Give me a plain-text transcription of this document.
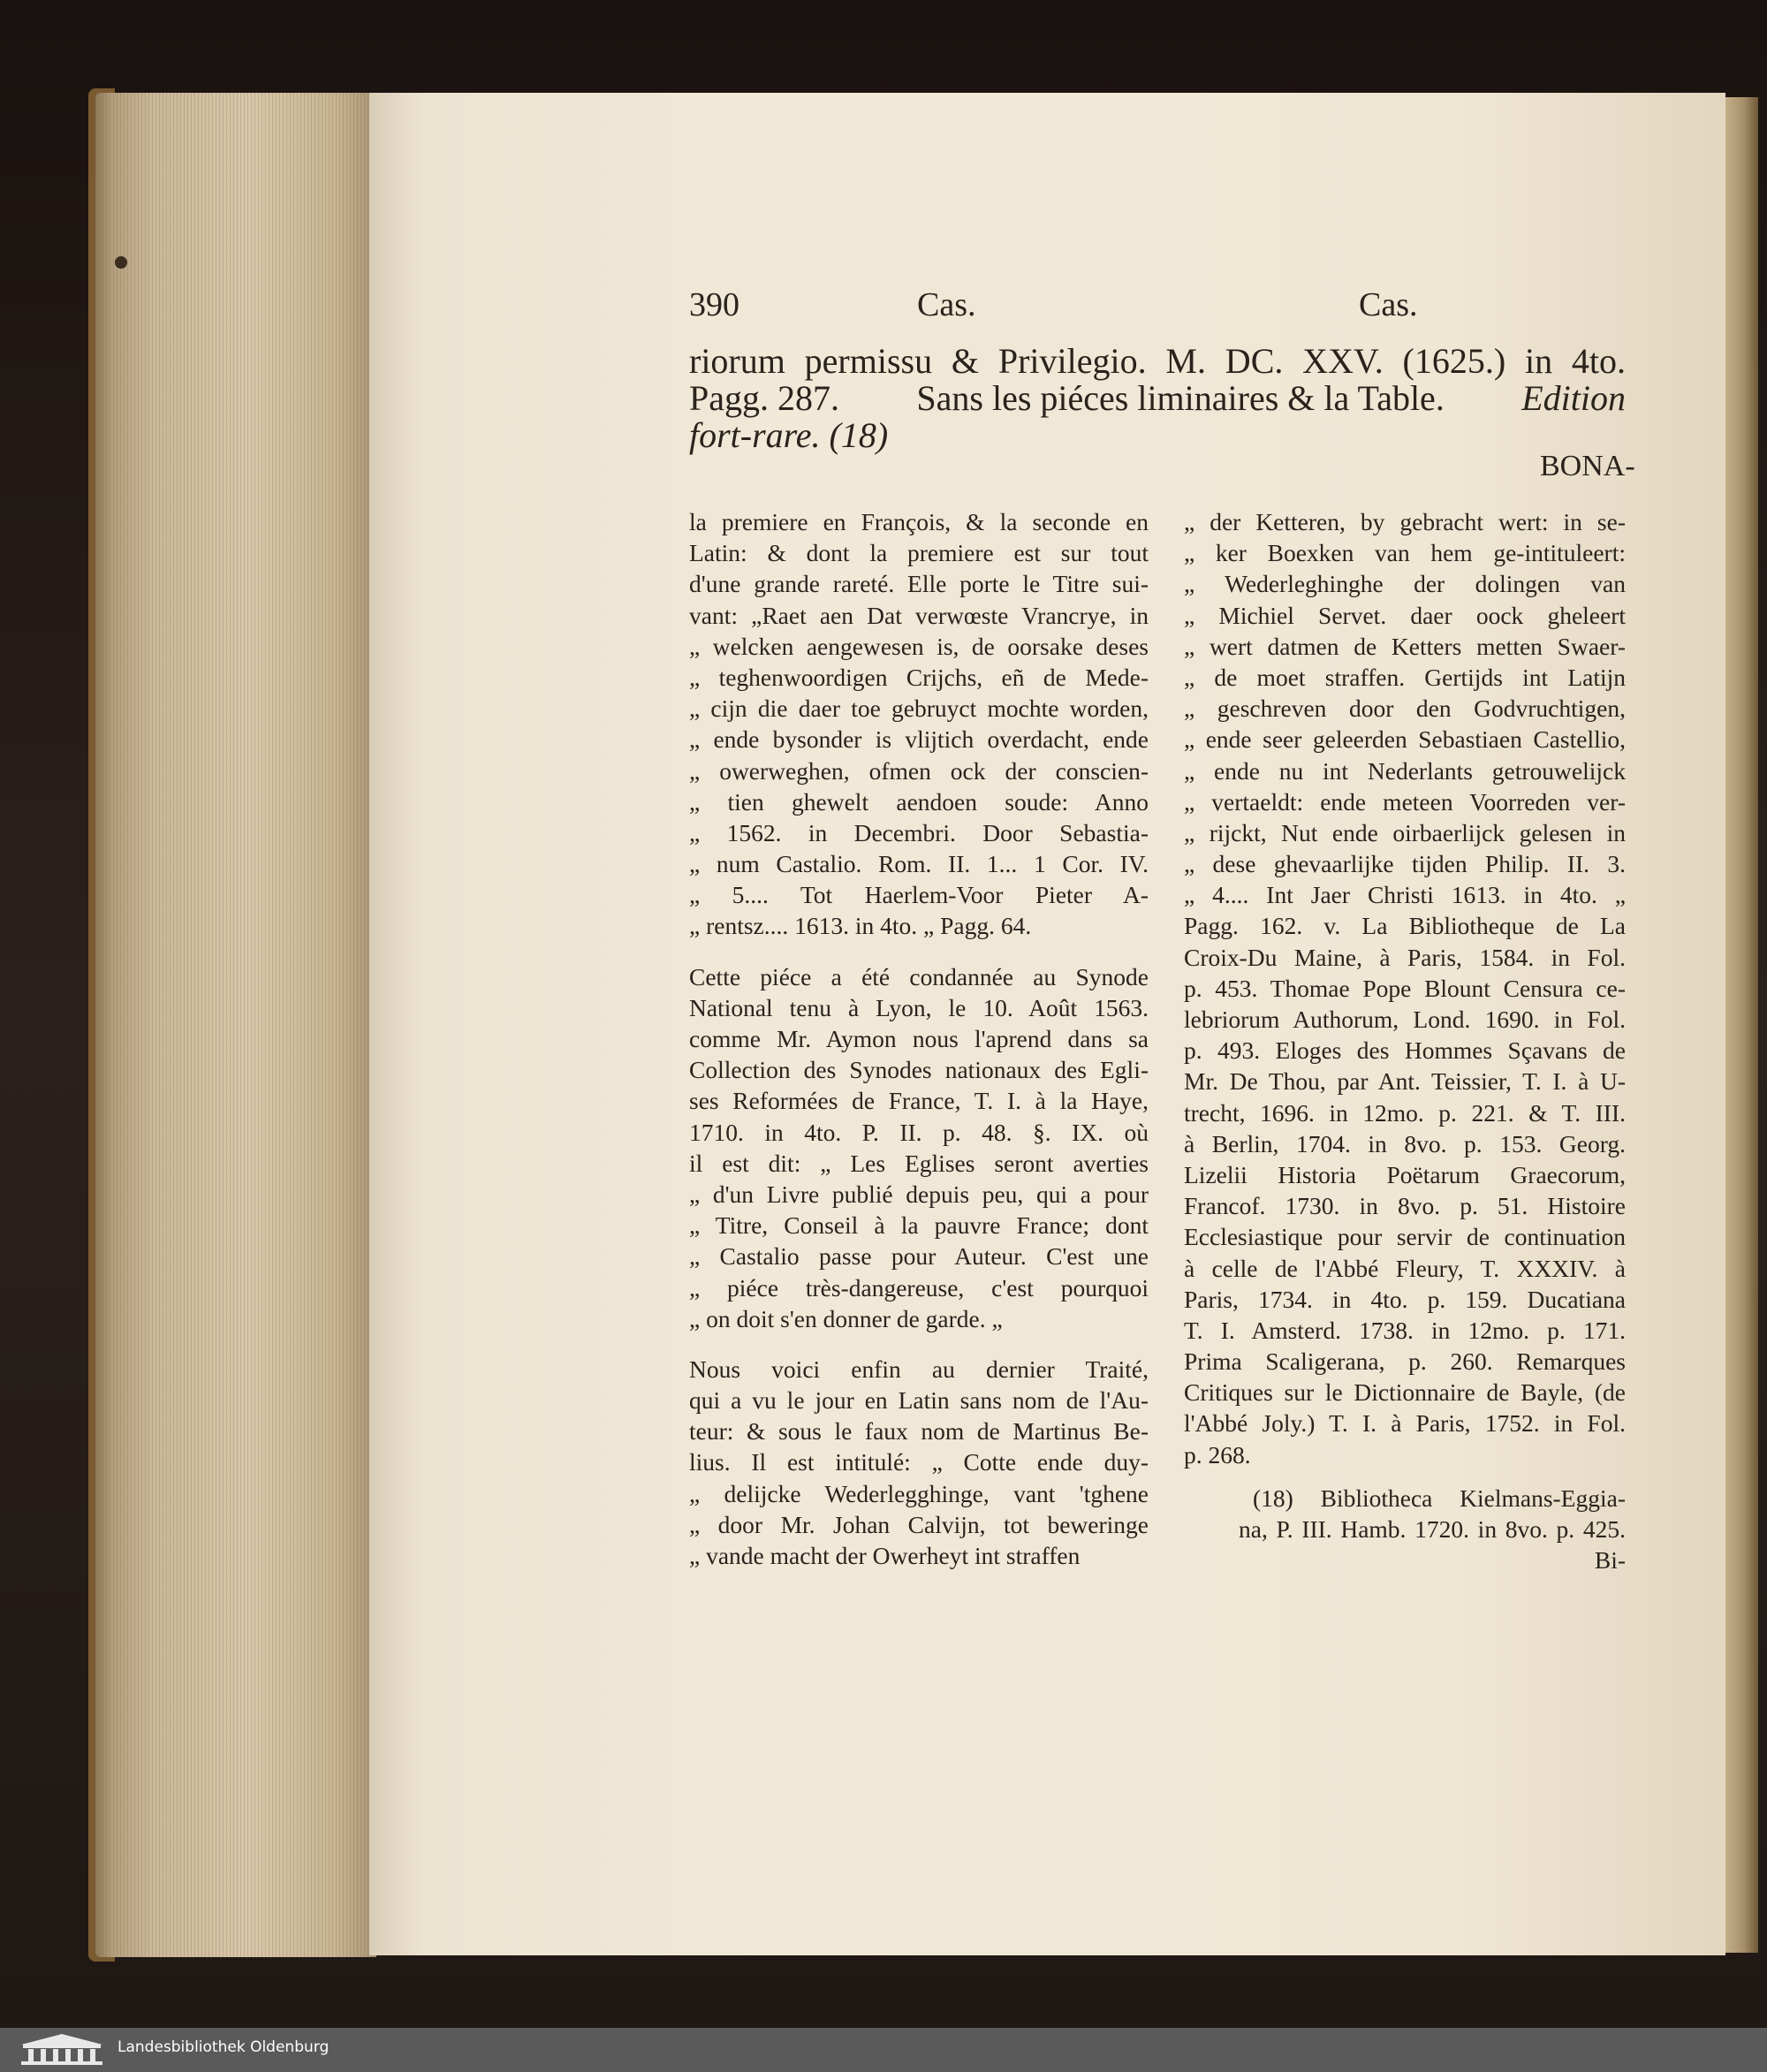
390	Cas.	Cas.
riorum permissu & Privilegio. M. DC. XXV. (1625.) in 4to.
Pagg. 287. Sans les piéces liminaires & la Table. Edition
fort-rare. (18)
BONA-
la premiere en François, & la seconde en
Latin: & dont la premiere est sur tout
d'une grande rareté. Elle porte le Titre sui-
vant: „Raet aen Dat verwœste Vrancrye, in
„ welcken aengewesen is, de oorsake deses
„ teghenwoordigen Crijchs, eñ de Mede-
„ cijn die daer toe gebruyct mochte worden,
„ ende bysonder is vlijtich overdacht, ende
„ owerweghen, ofmen ock der conscien-
„ tien ghewelt aendoen soude: Anno
„ 1562. in Decembri. Door Sebastia-
„ num Castalio. Rom. II. 1... 1 Cor. IV.
„ 5.... Tot Haerlem-Voor Pieter A-
„ rentsz.... 1613. in 4to. „ Pagg. 64.
Cette piéce a été condannée au Synode
National tenu à Lyon, le 10. Août 1563.
comme Mr. Aymon nous l'aprend dans sa
Collection des Synodes nationaux des Egli-
ses Reformées de France, T. I. à la Haye,
1710. in 4to. P. II. p. 48. §. IX. où
il est dit: „ Les Eglises seront averties
„ d'un Livre publié depuis peu, qui a pour
„ Titre, Conseil à la pauvre France; dont
„ Castalio passe pour Auteur. C'est une
„ piéce très-dangereuse, c'est pourquoi
„ on doit s'en donner de garde. „
Nous voici enfin au dernier Traité,
qui a vu le jour en Latin sans nom de l'Au-
teur: & sous le faux nom de Martinus Be-
lius. Il est intitulé: „ Cotte ende duy-
„ delijcke Wederlegghinge, vant 'tghene
„ door Mr. Johan Calvijn, tot beweringe
„ vande macht der Owerheyt int straffen
„ der Ketteren, by gebracht wert: in se-
„ ker Boexken van hem ge-intituleert:
„ Wederleghinghe der dolingen van
„ Michiel Servet. daer oock gheleert
„ wert datmen de Ketters metten Swaer-
„ de moet straffen. Gertijds int Latijn
„ geschreven door den Godvruchtigen,
„ ende seer geleerden Sebastiaen Castellio,
„ ende nu int Nederlants getrouwelijck
„ vertaeldt: ende meteen Voorreden ver-
„ rijckt, Nut ende oirbaerlijck gelesen in
„ dese ghevaarlijke tijden Philip. II. 3.
„ 4.... Int Jaer Christi 1613. in 4to. „
Pagg. 162. v. La Bibliotheque de La
Croix-Du Maine, à Paris, 1584. in Fol.
p. 453. Thomae Pope Blount Censura ce-
lebriorum Authorum, Lond. 1690. in Fol.
p. 493. Eloges des Hommes Sçavans de
Mr. De Thou, par Ant. Teissier, T. I. à U-
trecht, 1696. in 12mo. p. 221. & T. III.
à Berlin, 1704. in 8vo. p. 153. Georg.
Lizelii Historia Poëtarum Graecorum,
Francof. 1730. in 8vo. p. 51. Histoire
Ecclesiastique pour servir de continuation
à celle de l'Abbé Fleury, T. XXXIV. à
Paris, 1734. in 4to. p. 159. Ducatiana
T. I. Amsterd. 1738. in 12mo. p. 171.
Prima Scaligerana, p. 260. Remarques
Critiques sur le Dictionnaire de Bayle, (de
l'Abbé Joly.) T. I. à Paris, 1752. in Fol.
p. 268.
(18) Bibliotheca Kielmans-Eggia-
na, P. III. Hamb. 1720. in 8vo. p. 425.
Bi-
Landesbibliothek Oldenburg
